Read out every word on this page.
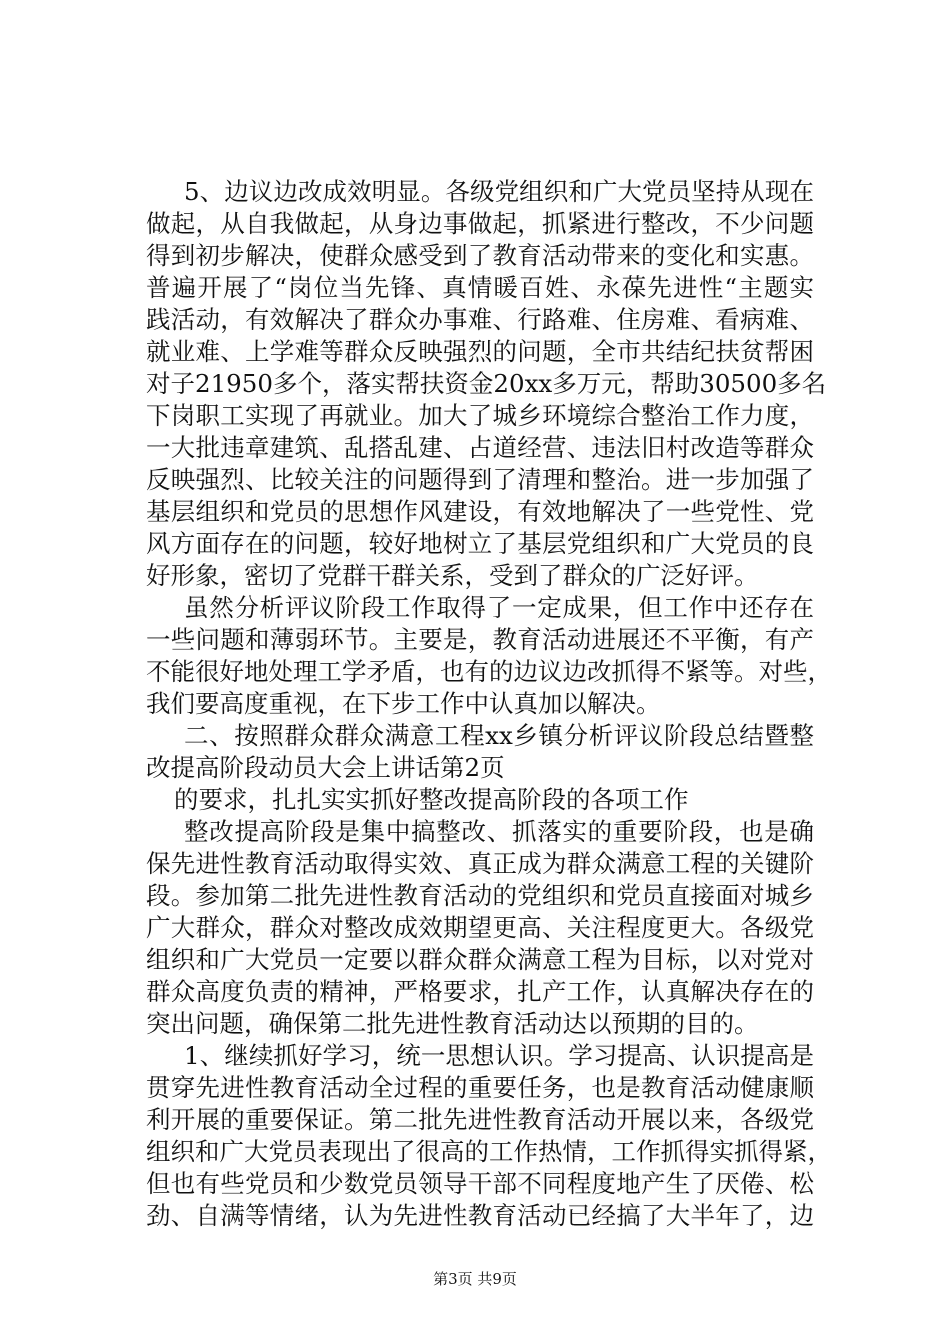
5、边议边改成效明显。各级党组织和广大党员坚持从现在
做起，从自我做起，从身边事做起，抓紧进行整改，不少问题
得到初步解决，使群众感受到了教育活动带来的变化和实惠。
普遍开展了“岗位当先锋、真情暖百姓、永葆先进性“主题实
践活动，有效解决了群众办事难、行路难、住房难、看病难、
就业难、上学难等群众反映强烈的问题，全市共结纪扶贫帮困
对子21950多个，落实帮扶资金20xx多万元，帮助30500多名
下岗职工实现了再就业。加大了城乡环境综合整治工作力度，
一大批违章建筑、乱搭乱建、占道经营、违法旧村改造等群众
反映强烈、比较关注的问题得到了清理和整治。进一步加强了
基层组织和党员的思想作风建设，有效地解决了一些党性、党
风方面存在的问题，较好地树立了基层党组织和广大党员的良
好形象，密切了党群干群关系，受到了群众的广泛好评。
虽然分析评议阶段工作取得了一定成果，但工作中还存在
一些问题和薄弱环节。主要是，教育活动进展还不平衡，有产
不能很好地处理工学矛盾，也有的边议边改抓得不紧等。对些，
我们要高度重视，在下步工作中认真加以解决。
二、按照群众群众满意工程xx乡镇分析评议阶段总结暨整
改提高阶段动员大会上讲话第2页
的要求，扎扎实实抓好整改提高阶段的各项工作
整改提高阶段是集中搞整改、抓落实的重要阶段，也是确
保先进性教育活动取得实效、真正成为群众满意工程的关键阶
段。参加第二批先进性教育活动的党组织和党员直接面对城乡
广大群众，群众对整改成效期望更高、关注程度更大。各级党
组织和广大党员一定要以群众群众满意工程为目标，以对党对
群众高度负责的精神，严格要求，扎产工作，认真解决存在的
突出问题，确保第二批先进性教育活动达以预期的目的。
1、继续抓好学习，统一思想认识。学习提高、认识提高是
贯穿先进性教育活动全过程的重要任务，也是教育活动健康顺
利开展的重要保证。第二批先进性教育活动开展以来，各级党
组织和广大党员表现出了很高的工作热情，工作抓得实抓得紧，
但也有些党员和少数党员领导干部不同程度地产生了厌倦、松
劲、自满等情绪，认为先进性教育活动已经搞了大半年了，边
第3页 共9页
